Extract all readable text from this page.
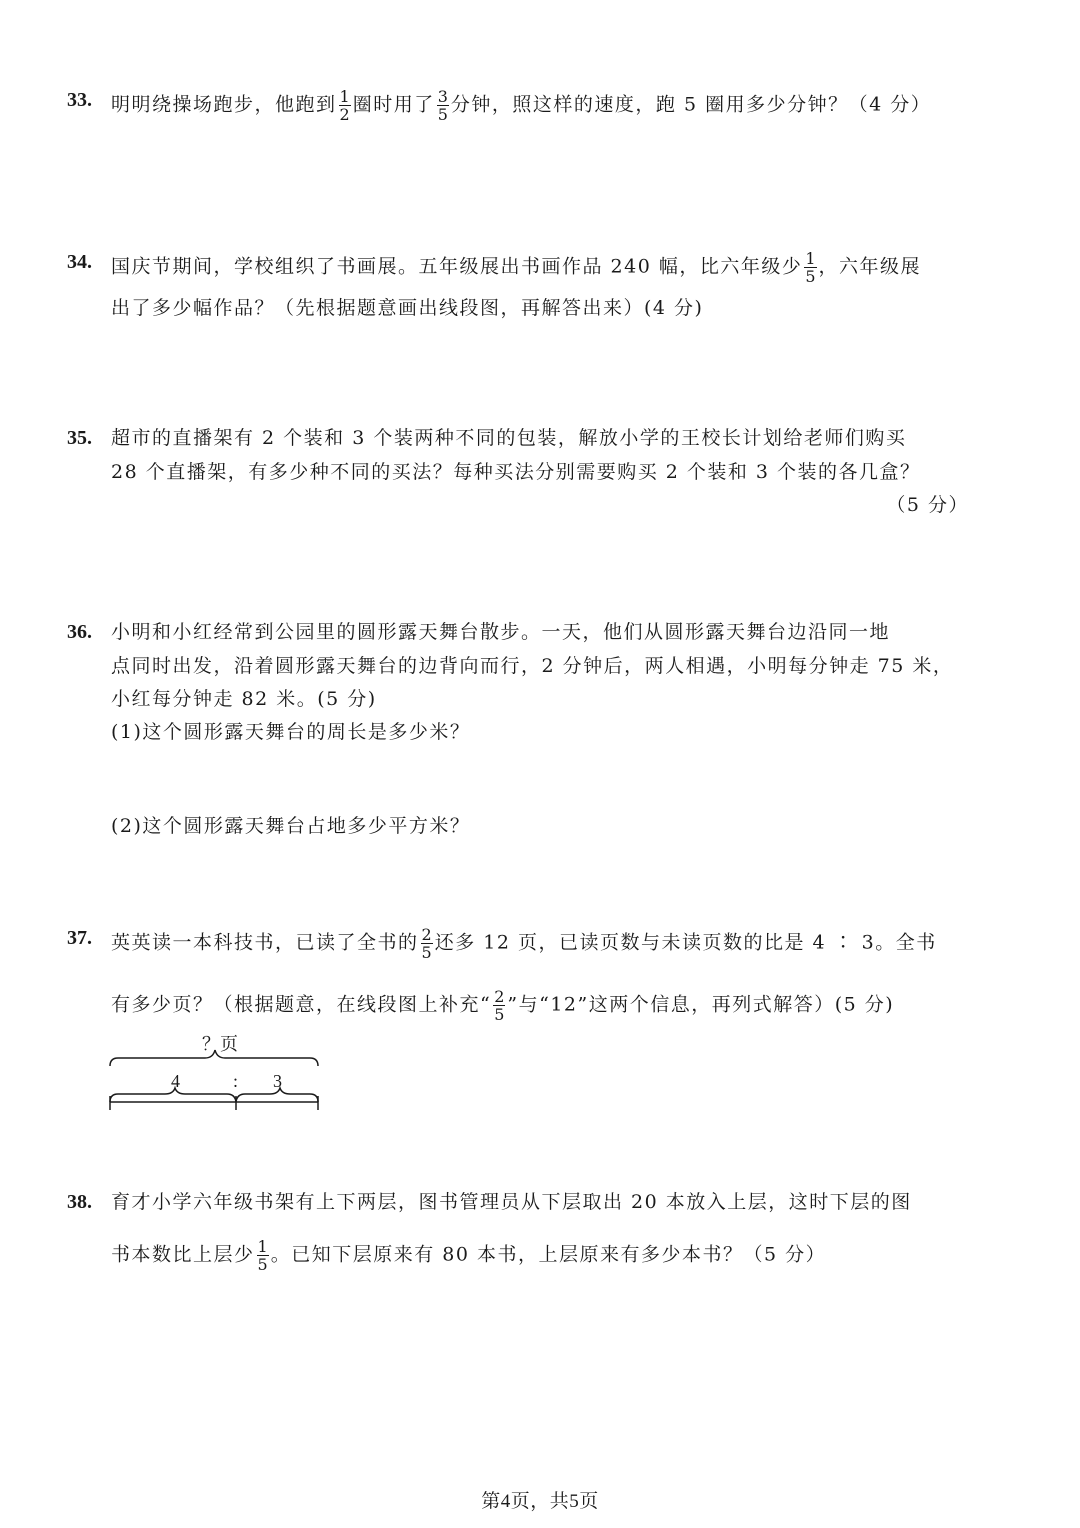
33. 明明绕操场跑步，他跑到 $\frac{1}{2}$ 圈时用了 $\frac{3}{5}$ 分钟，照这样的速度，跑 5 圈用多少分钟？（4 分）
34. 国庆节期间，学校组织了书画展。五年级展出书画作品 240 幅，比六年级少 $\frac{1}{5}$ ，六年级展
出了多少幅作品？（先根据题意画出线段图，再解答出来）(4 分)
35. 超市的直播架有 2 个装和 3 个装两种不同的包装，解放小学的王校长计划给老师们购买
28 个直播架，有多少种不同的买法？每种买法分别需要购买 2 个装和 3 个装的各几盒？
（5 分）
36. 小明和小红经常到公园里的圆形露天舞台散步。一天，他们从圆形露天舞台边沿同一地
点同时出发，沿着圆形露天舞台的边背向而行，2 分钟后，两人相遇，小明每分钟走 75 米，
小红每分钟走 82 米。(5 分)
(1)这个圆形露天舞台的周长是多少米？
(2)这个圆形露天舞台占地多少平方米？
37. 英英读一本科技书，已读了全书的 $\frac{2}{5}$ 还多 12 页，已读页数与未读页数的比是 4 ∶ 3。全书
有多少页？（根据题意，在线段图上补充“ $\frac{2}{5}$ ”与“12”这两个信息，再列式解答）(5 分)
？页
4	: 3
38. 育才小学六年级书架有上下两层，图书管理员从下层取出 20 本放入上层，这时下层的图
书本数比上层少 $\frac{1}{5}$ 。已知下层原来有 80 本书，上层原来有多少本书？（5 分）
第4页，共5页
